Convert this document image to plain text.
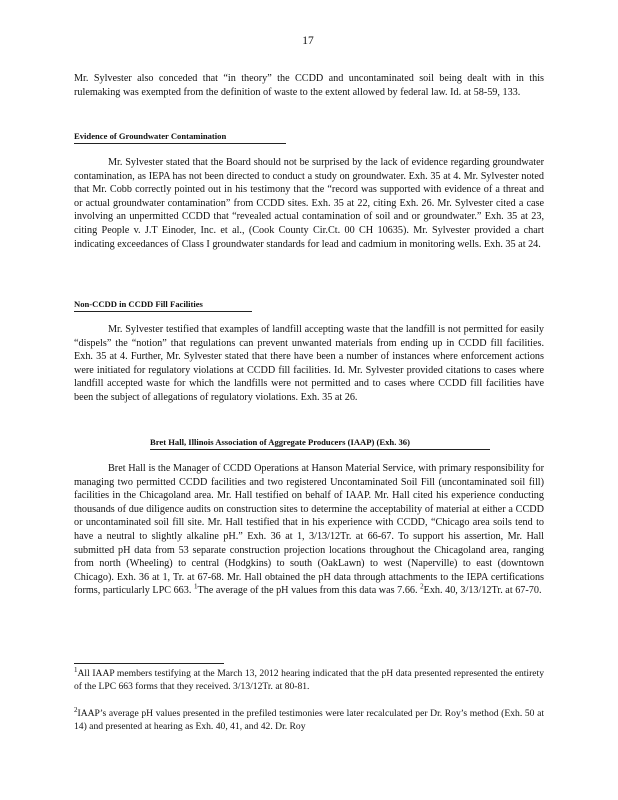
17

Mr. Sylvester also conceded that “in theory” the CCDD and uncontaminated soil being dealt with in this rulemaking was exempted from the definition of waste to the extent allowed by federal law. Id. at 58-59, 133.

Evidence of Groundwater Contamination

Mr. Sylvester stated that the Board should not be surprised by the lack of evidence regarding groundwater contamination, as IEPA has not been directed to conduct a study on groundwater. Exh. 35 at 4. Mr. Sylvester noted that Mr. Cobb correctly pointed out in his testimony that the “record was supported with evidence of a threat and or actual groundwater contamination” from CCDD sites. Exh. 35 at 22, citing Exh. 26. Mr. Sylvester cited a case involving an unpermitted CCDD that “revealed actual contamination of soil and or groundwater.” Exh. 35 at 23, citing People v. J.T Einoder, Inc. et al., (Cook County Cir.Ct. 00 CH 10635). Mr. Sylvester provided a chart indicating exceedances of Class I groundwater standards for lead and cadmium in monitoring wells. Exh. 35 at 24.

Non-CCDD in CCDD Fill Facilities

Mr. Sylvester testified that examples of landfill accepting waste that the landfill is not permitted for easily “dispels” the “notion” that regulations can prevent unwanted materials from ending up in CCDD fill facilities. Exh. 35 at 4. Further, Mr. Sylvester stated that there have been a number of instances where enforcement actions were initiated for regulatory violations at CCDD fill facilities. Id. Mr. Sylvester provided citations to cases where landfill accepted waste for which the landfills were not permitted and to cases where CCDD fill facilities have been the subject of allegations of regulatory violations. Exh. 35 at 26.

Bret Hall, Illinois Association of Aggregate Producers (IAAP) (Exh. 36)

Bret Hall is the Manager of CCDD Operations at Hanson Material Service, with primary responsibility for managing two permitted CCDD facilities and two registered Uncontaminated Soil Fill (uncontaminated soil fill) facilities in the Chicagoland area. Mr. Hall testified on behalf of IAAP. Mr. Hall cited his experience conducting thousands of due diligence audits on construction sites to determine the acceptability of material at either a CCDD or uncontaminated soil fill site. Mr. Hall testified that in his experience with CCDD, “Chicago area soils tend to have a neutral to slightly alkaline pH.” Exh. 36 at 1, 3/13/12Tr. at 66-67. To support his assertion, Mr. Hall submitted pH data from 53 separate construction projection locations throughout the Chicagoland area, ranging from north (Wheeling) to central (Hodgkins) to south (OakLawn) to west (Naperville) to east (downtown Chicago). Exh. 36 at 1, Tr. at 67-68. Mr. Hall obtained the pH data through attachments to the IEPA certifications forms, particularly LPC 663. $^1$The average of the pH values from this data was 7.66. $^2$Exh. 40, 3/13/12Tr. at 67-70.

$^1$All IAAP members testifying at the March 13, 2012 hearing indicated that the pH data presented represented the entirety of the LPC 663 forms that they received. 3/13/12Tr. at 80-81.

$^2$IAAP’s average pH values presented in the prefiled testimonies were later recalculated per Dr. Roy’s method (Exh. 50 at 14) and presented at hearing as Exh. 40, 41, and 42. Dr. Roy
